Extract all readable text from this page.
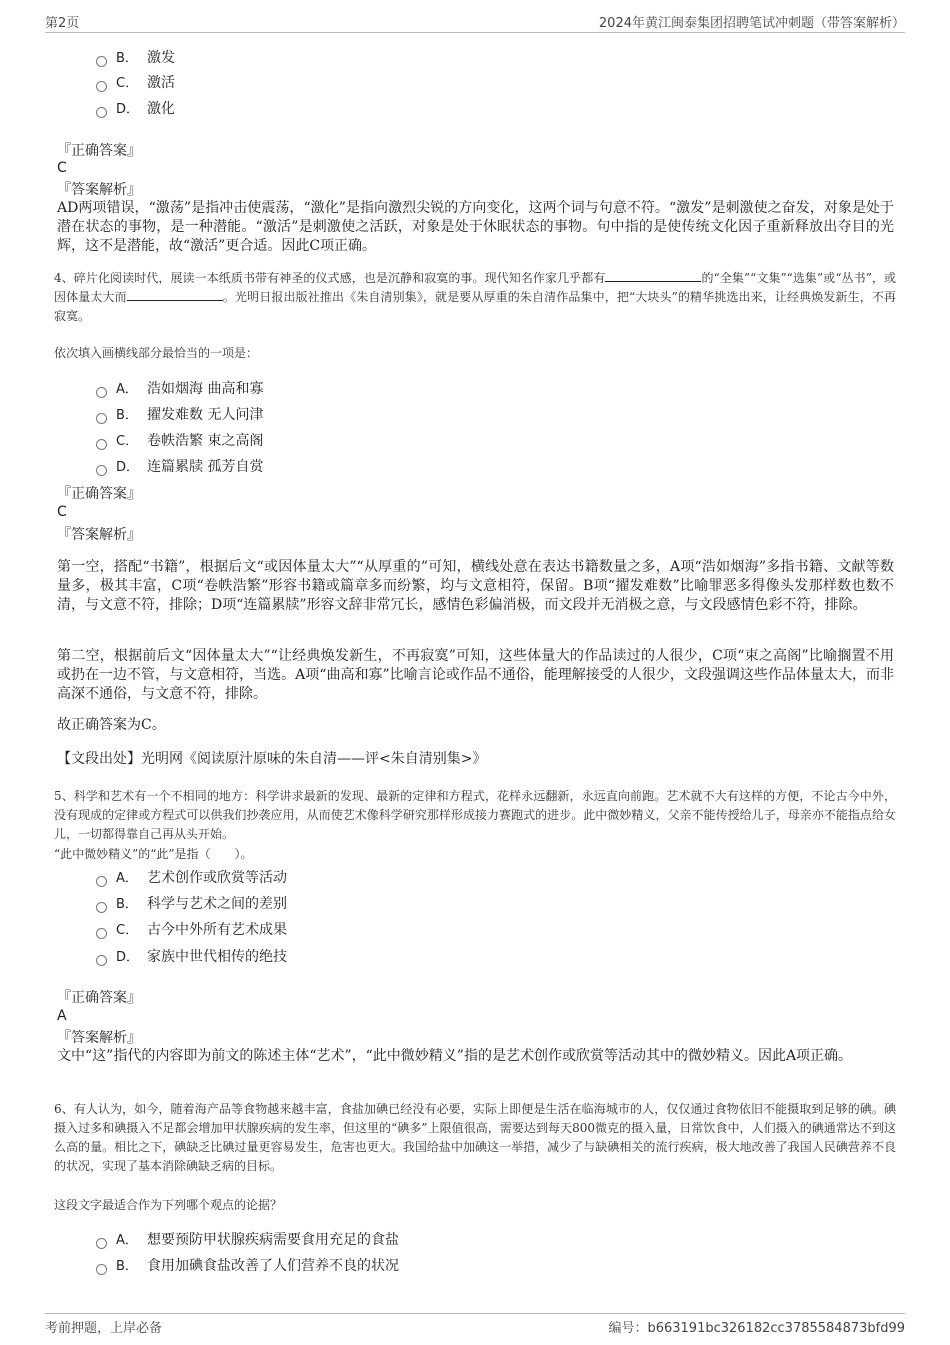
第2页	2024年黄江闽泰集团招聘笔试冲刺题（带答案解析）
B． 激发
C． 激活
D． 激化
『正确答案』
C
『答案解析』

AD两项错误，“激荡”是指冲击使震荡，“激化”是指向激烈尖锐的方向变化，这两个词与句意不符。“激发”是刺激使之奋发，对象是处于潜在状态的事物，是一种潜能。“激活”是刺激使之活跃，对象是处于休眠状态的事物。句中指的是使传统文化因子重新释放出夺目的光辉，这不是潜能，故“激活”更合适。因此C项正确。

4、碎片化阅读时代，展读一本纸质书带有神圣的仪式感，也是沉静和寂寞的事。现代知名作家几乎都有	的“全集”“文集”“选集”或“丛书”，或因体量太大而	。光明日报出版社推出《朱自清别集》，就是要从厚重的朱自清作品集中，把“大块头”的精华挑选出来，让经典焕发新生，不再寂寞。

依次填入画横线部分最恰当的一项是：

A． 浩如烟海 曲高和寡
B． 擢发难数 无人问津
C． 卷帙浩繁 束之高阁
D． 连篇累牍 孤芳自赏
『正确答案』
C
『答案解析』

第一空，搭配“书籍”，根据后文“或因体量太大”“从厚重的”可知，横线处意在表达书籍数量之多，A项“浩如烟海”多指书籍、文献等数量多，极其丰富，C项“卷帙浩繁”形容书籍或篇章多而纷繁，均与文意相符，保留。B项“擢发难数”比喻罪恶多得像头发那样数也数不清，与文意不符，排除；D项“连篇累牍”形容文辞非常冗长，感情色彩偏消极，而文段并无消极之意，与文段感情色彩不符，排除。

第二空，根据前后文“因体量太大”“让经典焕发新生，不再寂寞”可知，这些体量大的作品读过的人很少，C项“束之高阁”比喻搁置不用或扔在一边不管，与文意相符，当选。A项“曲高和寡”比喻言论或作品不通俗，能理解接受的人很少，文段强调这些作品体量太大，而非高深不通俗，与文意不符，排除。

故正确答案为C。

【文段出处】光明网《阅读原汁原味的朱自清——评<朱自清别集>》

5、科学和艺术有一个不相同的地方：科学讲求最新的发现、最新的定律和方程式，花样永远翻新，永远直向前跑。艺术就不大有这样的方便，不论古今中外，没有现成的定律或方程式可以供我们抄袭应用，从而使艺术像科学研究那样形成接力赛跑式的进步。此中微妙精义，父亲不能传授给儿子，母亲亦不能指点给女儿，一切都得靠自己再从头开始。

“此中微妙精义”的“此”是指（　　）。

A． 艺术创作或欣赏等活动
B． 科学与艺术之间的差别
C． 古今中外所有艺术成果
D． 家族中世代相传的绝技
『正确答案』
A
『答案解析』

文中“这”指代的内容即为前文的陈述主体“艺术”，“此中微妙精义”指的是艺术创作或欣赏等活动其中的微妙精义。因此A项正确。

6、有人认为，如今，随着海产品等食物越来越丰富，食盐加碘已经没有必要，实际上即便是生活在临海城市的人，仅仅通过食物依旧不能摄取到足够的碘。碘摄入过多和碘摄入不足都会增加甲状腺疾病的发生率，但这里的“碘多”上限值很高，需要达到每天800微克的摄入量，日常饮食中，人们摄入的碘通常达不到这么高的量。相比之下，碘缺乏比碘过量更容易发生，危害也更大。我国给盐中加碘这一举措，减少了与缺碘相关的流行疾病，极大地改善了我国人民碘营养不良的状况，实现了基本消除碘缺乏病的目标。

这段文字最适合作为下列哪个观点的论据？

A． 想要预防甲状腺疾病需要食用充足的食盐
B． 食用加碘食盐改善了人们营养不良的状况
考前押题，上岸必备	编号：b663191bc326182cc3785584873bfd99
